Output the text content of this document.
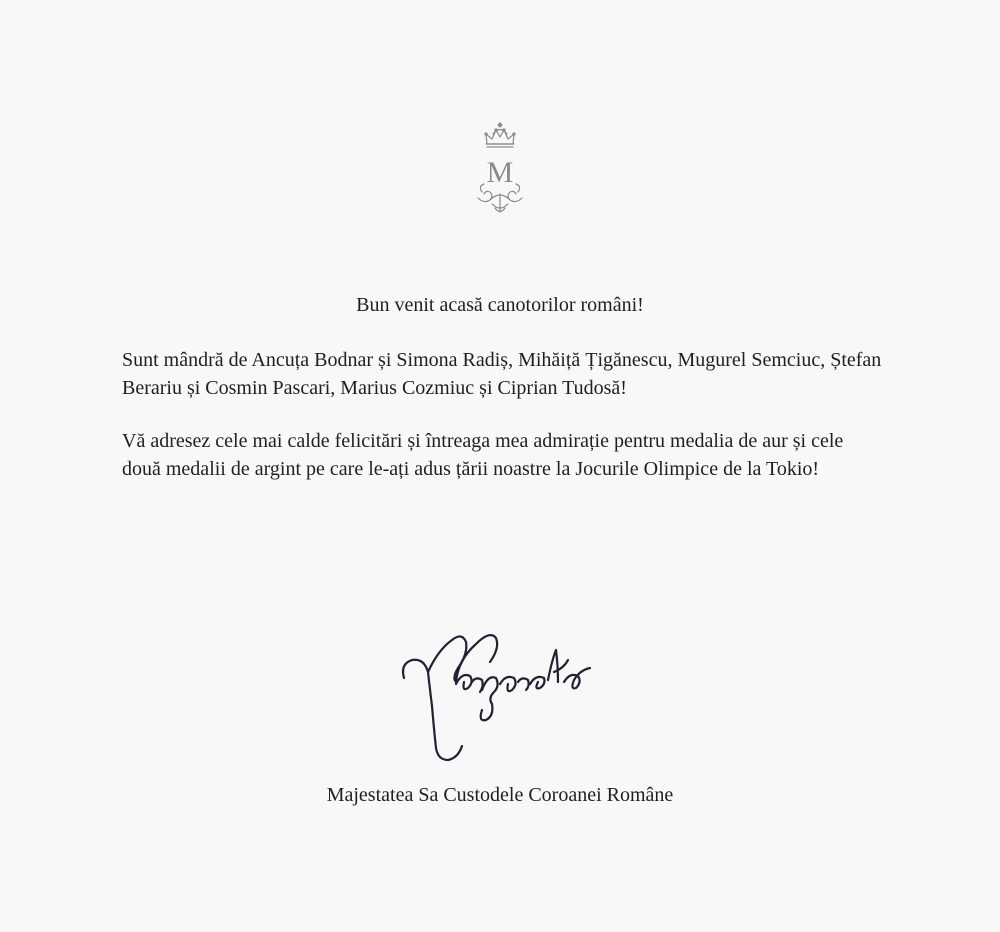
M

Bun venit acasă canotorilor români!

Sunt mândră de Ancuța Bodnar și Simona Radiș, Mihăiță Țigănescu, Mugurel Semciuc, Ștefan Berariu și Cosmin Pascari, Marius Cozmiuc și Ciprian Tudosă!

Vă adresez cele mai calde felicitări și întreaga mea admirație pentru medalia de aur și cele două medalii de argint pe care le-ați adus țării noastre la Jocurile Olimpice de la Tokio!

Majestatea Sa Custodele Coroanei Române
